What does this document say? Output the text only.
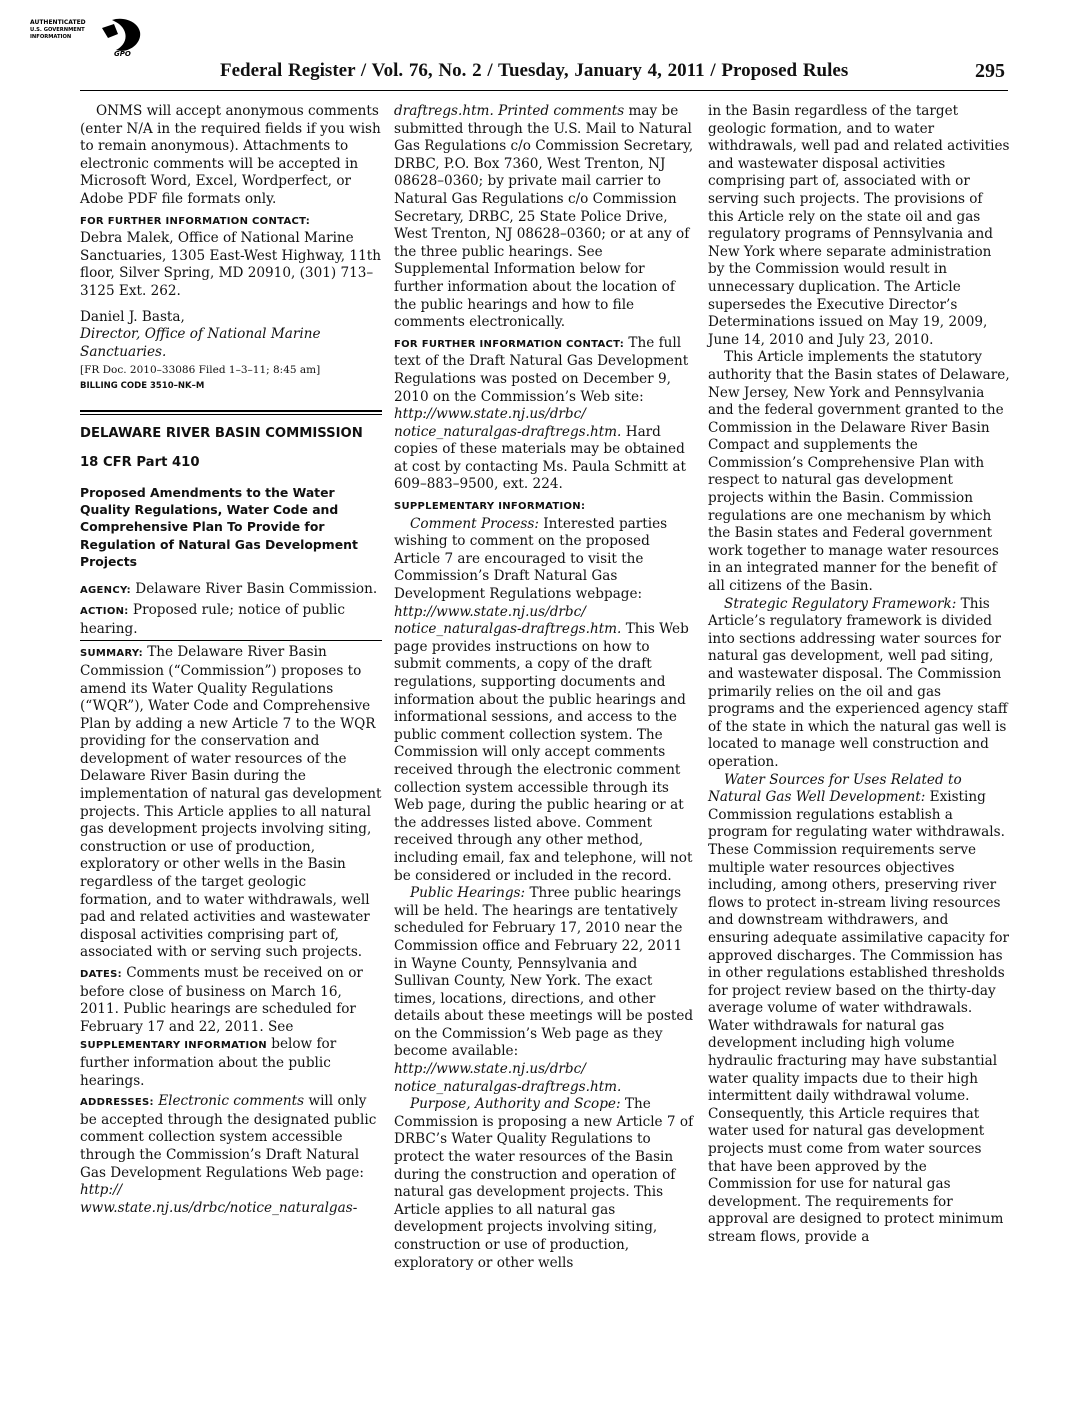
AUTHENTICATED
U.S. GOVERNMENT
INFORMATION
GPO
Federal Register / Vol. 76, No. 2 / Tuesday, January 4, 2011 / Proposed Rules	295

ONMS will accept anonymous comments (enter N/A in the required fields if you wish to remain anonymous). Attachments to electronic comments will be accepted in Microsoft Word, Excel, Wordperfect, or Adobe PDF file formats only.

FOR FURTHER INFORMATION CONTACT:
Debra Malek, Office of National Marine Sanctuaries, 1305 East-West Highway, 11th floor, Silver Spring, MD 20910, (301) 713–3125 Ext. 262.

Daniel J. Basta,

Director, Office of National Marine Sanctuaries.

[FR Doc. 2010–33086 Filed 1–3–11; 8:45 am]

BILLING CODE 3510–NK–M

DELAWARE RIVER BASIN COMMISSION

18 CFR Part 410

Proposed Amendments to the Water Quality Regulations, Water Code and Comprehensive Plan To Provide for Regulation of Natural Gas Development Projects

AGENCY: Delaware River Basin Commission.

ACTION: Proposed rule; notice of public hearing.

SUMMARY: The Delaware River Basin Commission (“Commission”) proposes to amend its Water Quality Regulations (“WQR”), Water Code and Comprehensive Plan by adding a new Article 7 to the WQR providing for the conservation and development of water resources of the Delaware River Basin during the implementation of natural gas development projects. This Article applies to all natural gas development projects involving siting, construction or use of production, exploratory or other wells in the Basin regardless of the target geologic formation, and to water withdrawals, well pad and related activities and wastewater disposal activities comprising part of, associated with or serving such projects.

DATES: Comments must be received on or before close of business on March 16, 2011. Public hearings are scheduled for February 17 and 22, 2011. See SUPPLEMENTARY INFORMATION below for further information about the public hearings.

ADDRESSES: Electronic comments will only be accepted through the designated public comment collection system accessible through the Commission’s Draft Natural Gas Development Regulations Web page: http:// www.state.nj.us/drbc/notice_naturalgas-

draftregs.htm. Printed comments may be submitted through the U.S. Mail to Natural Gas Regulations c/o Commission Secretary, DRBC, P.O. Box 7360, West Trenton, NJ 08628–0360; by private mail carrier to Natural Gas Regulations c/o Commission Secretary, DRBC, 25 State Police Drive, West Trenton, NJ 08628–0360; or at any of the three public hearings. See Supplemental Information below for further information about the location of the public hearings and how to file comments electronically.

FOR FURTHER INFORMATION CONTACT: The full text of the Draft Natural Gas Development Regulations was posted on December 9, 2010 on the Commission’s Web site: http://www.state.nj.us/drbc/ notice_naturalgas-draftregs.htm. Hard copies of these materials may be obtained at cost by contacting Ms. Paula Schmitt at 609–883–9500, ext. 224.

SUPPLEMENTARY INFORMATION:

Comment Process: Interested parties wishing to comment on the proposed Article 7 are encouraged to visit the Commission’s Draft Natural Gas Development Regulations webpage: http://www.state.nj.us/drbc/ notice_naturalgas-draftregs.htm. This Web page provides instructions on how to submit comments, a copy of the draft regulations, supporting documents and information about the public hearings and informational sessions, and access to the public comment collection system. The Commission will only accept comments received through the electronic comment collection system accessible through its Web page, during the public hearing or at the addresses listed above. Comment received through any other method, including email, fax and telephone, will not be considered or included in the record.

Public Hearings: Three public hearings will be held. The hearings are tentatively scheduled for February 17, 2010 near the Commission office and February 22, 2011 in Wayne County, Pennsylvania and Sullivan County, New York. The exact times, locations, directions, and other details about these meetings will be posted on the Commission’s Web page as they become available: http://www.state.nj.us/drbc/ notice_naturalgas-draftregs.htm.

Purpose, Authority and Scope: The Commission is proposing a new Article 7 of DRBC’s Water Quality Regulations to protect the water resources of the Basin during the construction and operation of natural gas development projects. This Article applies to all natural gas development projects involving siting, construction or use of production, exploratory or other wells

in the Basin regardless of the target geologic formation, and to water withdrawals, well pad and related activities and wastewater disposal activities comprising part of, associated with or serving such projects. The provisions of this Article rely on the state oil and gas regulatory programs of Pennsylvania and New York where separate administration by the Commission would result in unnecessary duplication. The Article supersedes the Executive Director’s Determinations issued on May 19, 2009, June 14, 2010 and July 23, 2010.

This Article implements the statutory authority that the Basin states of Delaware, New Jersey, New York and Pennsylvania and the federal government granted to the Commission in the Delaware River Basin Compact and supplements the Commission’s Comprehensive Plan with respect to natural gas development projects within the Basin. Commission regulations are one mechanism by which the Basin states and Federal government work together to manage water resources in an integrated manner for the benefit of all citizens of the Basin.

Strategic Regulatory Framework: This Article’s regulatory framework is divided into sections addressing water sources for natural gas development, well pad siting, and wastewater disposal. The Commission primarily relies on the oil and gas programs and the experienced agency staff of the state in which the natural gas well is located to manage well construction and operation.

Water Sources for Uses Related to Natural Gas Well Development: Existing Commission regulations establish a program for regulating water withdrawals. These Commission requirements serve multiple water resources objectives including, among others, preserving river flows to protect in-stream living resources and downstream withdrawers, and ensuring adequate assimilative capacity for approved discharges. The Commission has in other regulations established thresholds for project review based on the thirty-day average volume of water withdrawals. Water withdrawals for natural gas development including high volume hydraulic fracturing may have substantial water quality impacts due to their high intermittent daily withdrawal volume. Consequently, this Article requires that water used for natural gas development projects must come from water sources that have been approved by the Commission for use for natural gas development. The requirements for approval are designed to protect minimum stream flows, provide a
